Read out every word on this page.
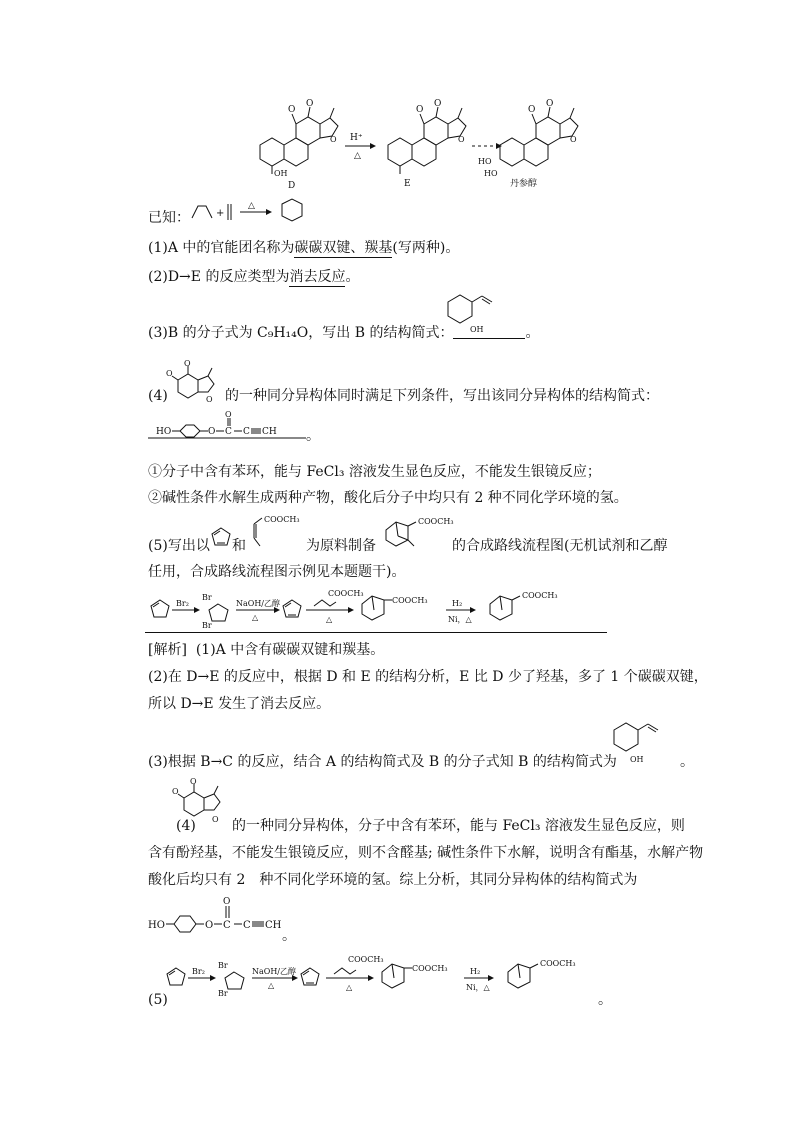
O
O
O
OH
D
H⁺
△
O
O
O
E
O
O
O
HO
HO
丹参醇
已知：	+
△
(1)A 中的官能团名称为碳碳双键、羰基(写两种)。
(2)D→E 的反应类型为消去反应。
(3)B 的分子式为 C₉H₁₄O，写出 B 的结构简式：	。
OH
O
O
O
(4)	的一种同分异构体同时满足下列条件，写出该同分异构体的结构简式：
HO	O C
O
C CH 。
①分子中含有苯环，能与 FeCl₃ 溶液发生显色反应，不能发生银镜反应；
②碱性条件水解生成两种产物，酸化后分子中均只有 2 种不同化学环境的氢。
(5)写出以 和
COOCH₃
为原料制备
COOCH₃
的合成路线流程图(无机试剂和乙醇
任用，合成路线流程图示例见本题题干)。
Br₂
Br
Br
NaOH/乙醇
△
COOCH₃
△
COOCH₃	H₂
Ni，△
COOCH₃
[解析] (1)A 中含有碳碳双键和羰基。
(2)在 D→E 的反应中，根据 D 和 E 的结构分析，E 比 D 少了羟基，多了 1 个碳碳双键，
所以 D→E 发生了消去反应。
(3)根据 B→C 的反应，结合 A 的结构简式及 B 的分子式知 B 的结构简式为 OH	。
O
O
O
(4)	的一种同分异构体，分子中含有苯环，能与 FeCl₃ 溶液发生显色反应，则
含有酚羟基，不能发生银镜反应，则不含醛基; 碱性条件下水解，说明含有酯基，水解产物
酸化后均只有 2　种不同化学环境的氢。综上分析，其同分异构体的结构简式为
HO	O C
O
C CH
。
(5)
Br₂
Br
Br
NaOH/乙醇
△
COOCH₃
△
COOCH₃	H₂
Ni，△
COOCH₃
。
